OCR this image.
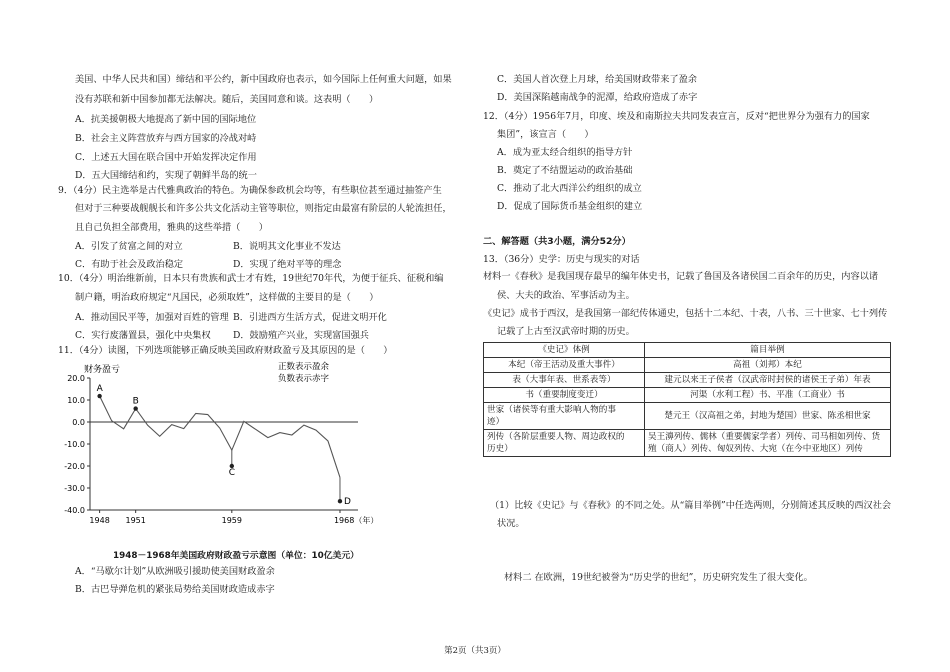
美国、中华人民共和国）缔结和平公约，新中国政府也表示，如今国际上任何重大问题，如果
没有苏联和新中国参加都无法解决。随后，美国同意和谈。这表明（　　）
A．抗美援朝极大地提高了新中国的国际地位
B．社会主义阵营放弃与西方国家的冷战对峙
C．上述五大国在联合国中开始发挥决定作用
D．五大国缔结和约，实现了朝鲜半岛的统一
9．（4分）民主选举是古代雅典政治的特色。为确保参政机会均等，有些职位甚至通过抽签产生
但对于三种要战舰舰长和许多公共文化活动主管等职位，则指定由最富有阶层的人轮流担任，
且自己负担全部费用，雅典的这些举措（　　）
A．引发了贫富之间的对立	B．说明其文化事业不发达
C．有助于社会及政治稳定	D．实现了绝对平等的理念
10．（4分）明治维新前，日本只有贵族和武士才有姓，19世纪70年代，为便于征兵、征税和编
制户籍，明治政府规定“凡国民，必须取姓”，这样做的主要目的是（　　）
A．推动国民平等，加强对百姓的管理 B．引进西方生活方式，促进文明开化
C．实行废藩置县，强化中央集权 D．鼓励殖产兴业，实现富国强兵
11．（4分）读图，下列选项能够正确反映美国政府财政盈亏及其原因的是（　　）
20.0
10.0
0.0
-10.0
-20.0
-30.0
-40.0
1948 1951	1959	1968（年）
A
B
C
D
财务盈亏	正数表示盈余
负数表示赤字
1948－1968年美国政府财政盈亏示意图（单位：10亿美元）
A．“马歇尔计划”从欧洲吸引援助使美国财政盈余
B．古巴导弹危机的紧张局势给美国财政造成赤字
C．美国人首次登上月球，给美国财政带来了盈余
D．美国深陷越南战争的泥潭，给政府造成了赤字
12．（4分）1956年7月，印度、埃及和南斯拉夫共同发表宣言，反对“把世界分为强有力的国家
集团”，该宣言（　　）
A．成为亚太经合组织的指导方针
B．奠定了不结盟运动的政治基础
C．推动了北大西洋公约组织的成立
D．促成了国际货币基金组织的建立
二、解答题（共3小题，满分52分）
13．（36分）史学：历史与现实的对话
材料一《春秋》是我国现存最早的编年体史书，记载了鲁国及各诸侯国二百余年的历史，内容以诸
侯、大夫的政治、军事活动为主。
《史记》成书于西汉，是我国第一部纪传体通史，包括十二本纪、十表，八书、三十世家、七十列传
记载了上古至汉武帝时期的历史。
《史记》体例	篇目举例
本纪（帝王活动及重大事件）	高祖（刘邦）本纪
表（大事年表、世系表等）	建元以来王子侯者（汉武帝时封侯的诸侯王子弟）年表
书（重要制度变迁）	河渠（水利工程）书、平准（工商业）书
世家（诸侯等有重大影响人物的事
迹）	楚元王（汉高祖之弟，封地为楚国）世家、陈丞相世家
列传（各阶层重要人物、周边政权的
历史）	吴王濞列传、儒林（重要儒家学者）列传、司马相如列传、货
殖（商人）列传、匈奴列传、大宛（在今中亚地区）列传
（1）比较《史记》与《春秋》的不同之处。从“篇目举例”中任选两则，分别简述其反映的西汉社会
状况。
材料二 在欧洲，19世纪被誉为“历史学的世纪”，历史研究发生了很大变化。
第2页（共3页）
